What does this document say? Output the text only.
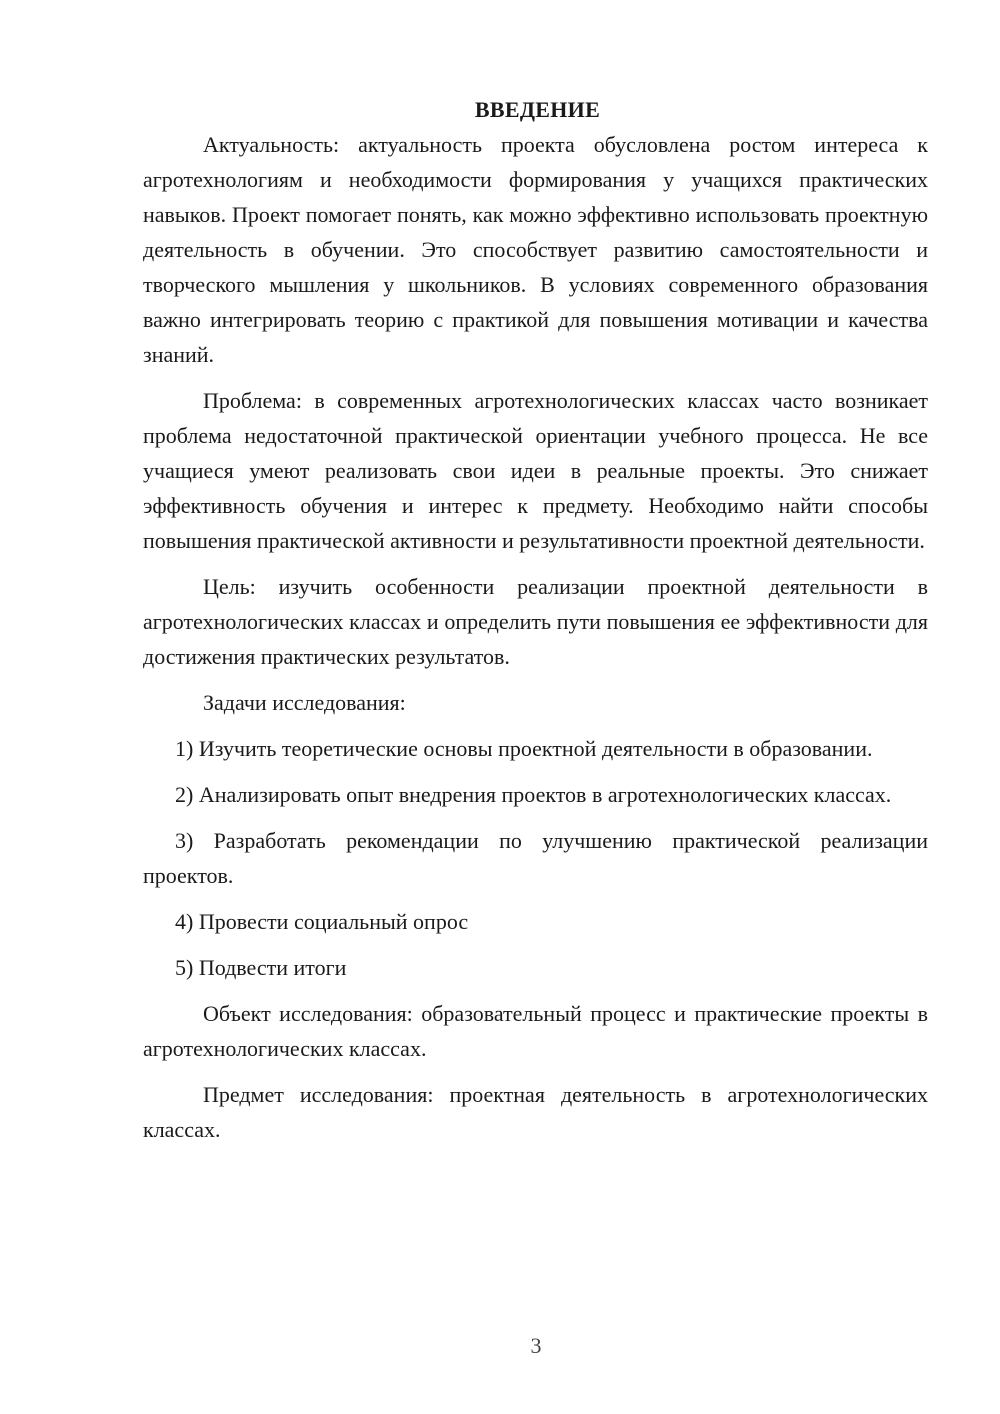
ВВЕДЕНИЕ

Актуальность: актуальность проекта обусловлена ростом интереса к агротехнологиям и необходимости формирования у учащихся практических навыков. Проект помогает понять, как можно эффективно использовать проектную деятельность в обучении. Это способствует развитию самостоятельности и творческого мышления у школьников. В условиях современного образования важно интегрировать теорию с практикой для повышения мотивации и качества знаний.

Проблема: в современных агротехнологических классах часто возникает проблема недостаточной практической ориентации учебного процесса. Не все учащиеся умеют реализовать свои идеи в реальные проекты. Это снижает эффективность обучения и интерес к предмету. Необходимо найти способы повышения практической активности и результативности проектной деятельности.

Цель: изучить особенности реализации проектной деятельности в агротехнологических классах и определить пути повышения ее эффективности для достижения практических результатов.

Задачи исследования:

1) Изучить теоретические основы проектной деятельности в образовании.

2) Анализировать опыт внедрения проектов в агротехнологических классах.

3) Разработать рекомендации по улучшению практической реализации проектов.

4) Провести социальный опрос

5) Подвести итоги

Объект исследования: образовательный процесс и практические проекты в агротехнологических классах.

Предмет исследования: проектная деятельность в агротехнологических классах.

3
